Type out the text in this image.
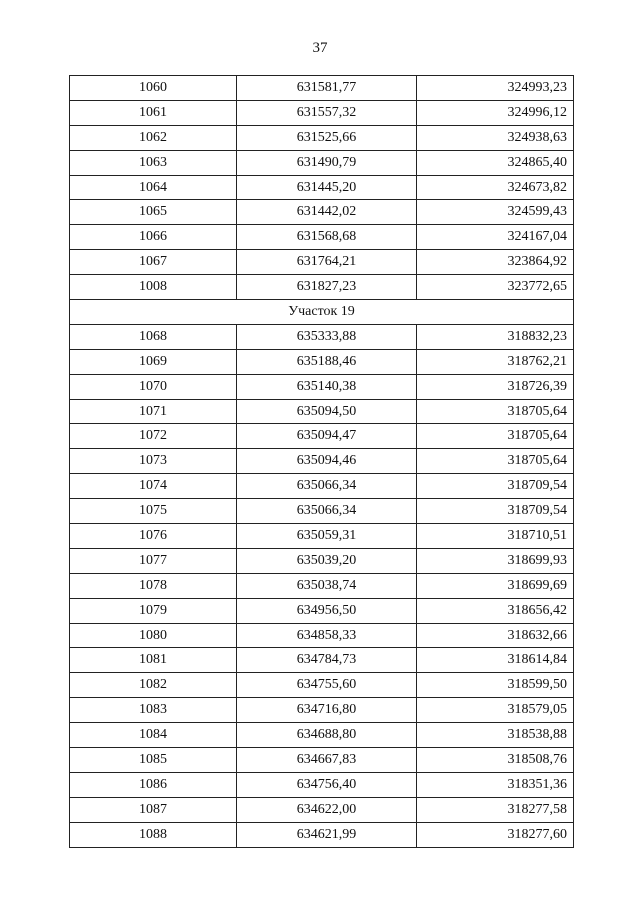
37
1060	631581,77	324993,23
1061	631557,32	324996,12
1062	631525,66	324938,63
1063	631490,79	324865,40
1064	631445,20	324673,82
1065	631442,02	324599,43
1066	631568,68	324167,04
1067	631764,21	323864,92
1008	631827,23	323772,65
Участок 19		
1068	635333,88	318832,23
1069	635188,46	318762,21
1070	635140,38	318726,39
1071	635094,50	318705,64
1072	635094,47	318705,64
1073	635094,46	318705,64
1074	635066,34	318709,54
1075	635066,34	318709,54
1076	635059,31	318710,51
1077	635039,20	318699,93
1078	635038,74	318699,69
1079	634956,50	318656,42
1080	634858,33	318632,66
1081	634784,73	318614,84
1082	634755,60	318599,50
1083	634716,80	318579,05
1084	634688,80	318538,88
1085	634667,83	318508,76
1086	634756,40	318351,36
1087	634622,00	318277,58
1088	634621,99	318277,60
